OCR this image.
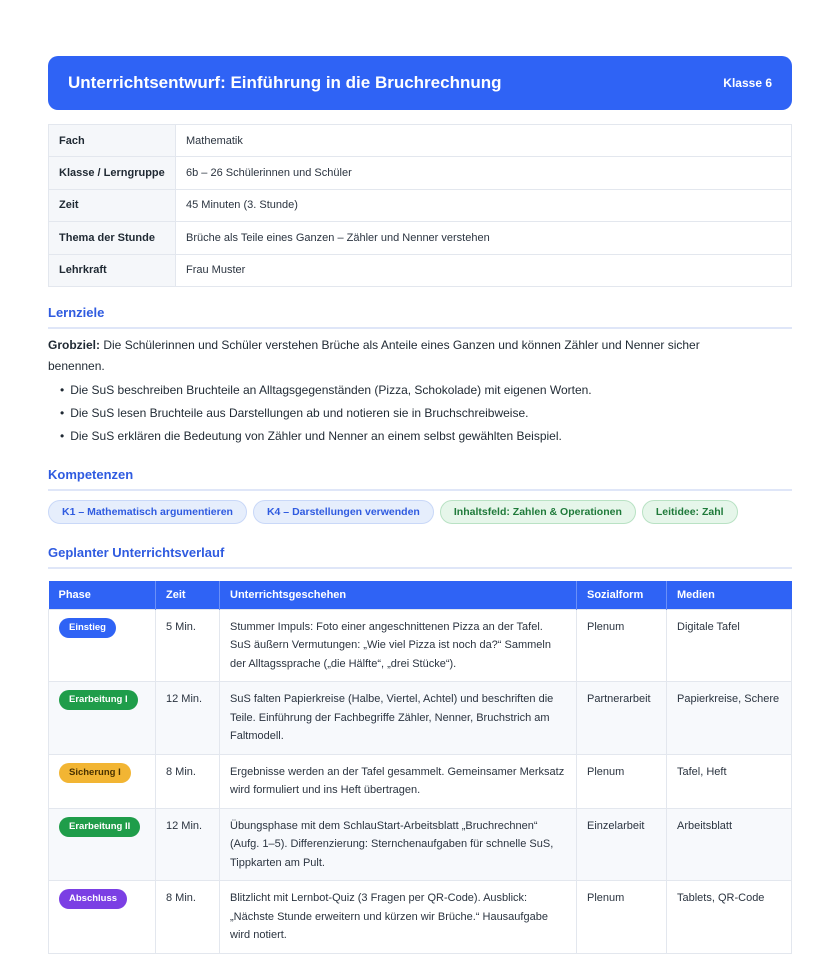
Unterrichtsentwurf: Einführung in die Bruchrechnung	Klasse 6
Fach	Mathematik
Klasse / Lerngruppe	6b – 26 Schülerinnen und Schüler
Zeit	45 Minuten (3. Stunde)
Thema der Stunde	Brüche als Teile eines Ganzen – Zähler und Nenner verstehen
Lehrkraft	Frau Muster
Lernziele
Grobziel: Die Schülerinnen und Schüler verstehen Brüche als Anteile eines Ganzen und können Zähler und Nenner sicher benennen.
• Die SuS beschreiben Bruchteile an Alltagsgegenständen (Pizza, Schokolade) mit eigenen Worten.
• Die SuS lesen Bruchteile aus Darstellungen ab und notieren sie in Bruchschreibweise.
• Die SuS erklären die Bedeutung von Zähler und Nenner an einem selbst gewählten Beispiel.
Kompetenzen
K1 – Mathematisch argumentieren	K4 – Darstellungen verwenden	Inhaltsfeld: Zahlen & Operationen	Leitidee: Zahl
Geplanter Unterrichtsverlauf
Phase	Zeit	Unterrichtsgeschehen	Sozialform	Medien
Einstieg	5 Min.	Stummer Impuls: Foto einer angeschnittenen Pizza an der Tafel. SuS äußern Vermutungen: „Wie viel Pizza ist noch da?“ Sammeln der Alltagssprache („die Hälfte“, „drei Stücke“).	Plenum	Digitale Tafel
Erarbeitung I	12 Min.	SuS falten Papierkreise (Halbe, Viertel, Achtel) und beschriften die Teile. Einführung der Fachbegriffe Zähler, Nenner, Bruchstrich am Faltmodell.	Partnerarbeit	Papierkreise, Schere
Sicherung I	8 Min.	Ergebnisse werden an der Tafel gesammelt. Gemeinsamer Merksatz wird formuliert und ins Heft übertragen.	Plenum	Tafel, Heft
Erarbeitung II	12 Min.	Übungsphase mit dem SchlauStart-Arbeitsblatt „Bruchrechnen“ (Aufg. 1–5). Differenzierung: Sternchenaufgaben für schnelle SuS, Tippkarten am Pult.	Einzelarbeit	Arbeitsblatt
Abschluss	8 Min.	Blitzlicht mit Lernbot-Quiz (3 Fragen per QR-Code). Ausblick: „Nächste Stunde erweitern und kürzen wir Brüche.“ Hausaufgabe wird notiert.	Plenum	Tablets, QR-Code
